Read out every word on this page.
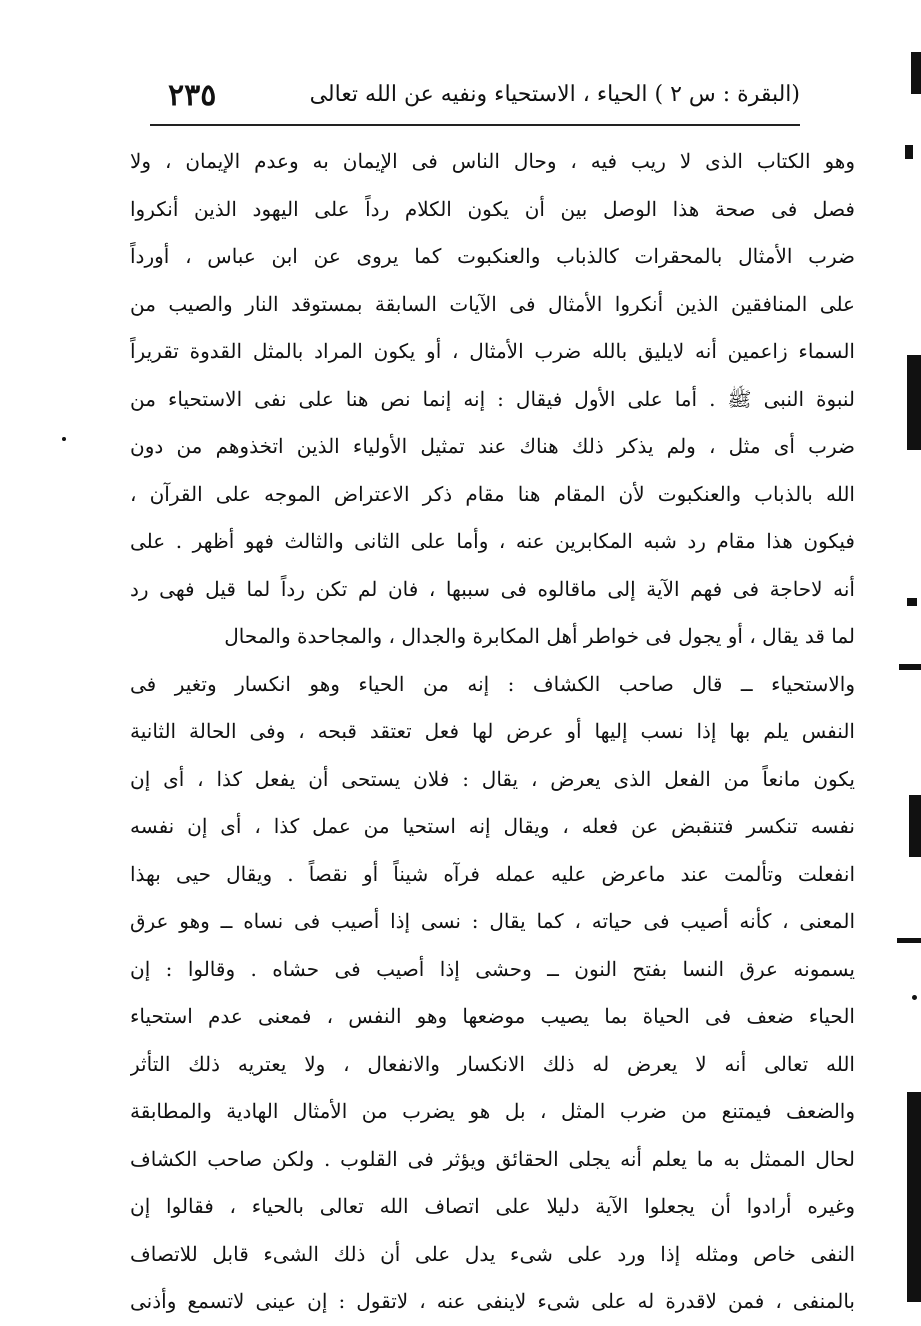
(البقرة : س ٢ ) الحياء ، الاستحياء ونفيه عن الله تعالى
٢٣٥
وهو الكتاب الذى لا ريب فيه ، وحال الناس فى الإيمان به وعدم الإيمان ، ولا
فصل فى صحة هذا الوصل بين أن يكون الكلام رداً على اليهود الذين أنكروا
ضرب الأمثال بالمحقرات كالذباب والعنكبوت كما يروى عن ابن عباس ، أورداً
على المنافقين الذين أنكروا الأمثال فى الآيات السابقة بمستوقد النار والصيب من
السماء زاعمين أنه لايليق بالله ضرب الأمثال ، أو يكون المراد بالمثل القدوة تقريراً
لنبوة النبى ﷺ . أما على الأول فيقال : إنه إنما نص هنا على نفى الاستحياء من
ضرب أى مثل ، ولم يذكر ذلك هناك عند تمثيل الأولياء الذين اتخذوهم من دون
الله بالذباب والعنكبوت لأن المقام هنا مقام ذكر الاعتراض الموجه على القرآن ،
فيكون هذا مقام رد شبه المكابرين عنه ، وأما على الثانى والثالث فهو أظهر . على
أنه لاحاجة فى فهم الآية إلى ماقالوه فى سببها ، فان لم تكن رداً لما قيل فهى رد
لما قد يقال ، أو يجول فى خواطر أهل المكابرة والجدال ، والمجاحدة والمحال
والاستحياء ــ قال صاحب الكشاف : إنه من الحياء وهو انكسار وتغير فى
النفس يلم بها إذا نسب إليها أو عرض لها فعل تعتقد قبحه ، وفى الحالة الثانية
يكون مانعاً من الفعل الذى يعرض ، يقال : فلان يستحى أن يفعل كذا ، أى إن
نفسه تنكسر فتنقبض عن فعله ، ويقال إنه استحيا من عمل كذا ، أى إن نفسه
انفعلت وتألمت عند ماعرض عليه عمله فرآه شيناً أو نقصاً . ويقال حيى بهذا
المعنى ، كأنه أصيب فى حياته ، كما يقال : نسى إذا أصيب فى نساه ــ وهو عرق
يسمونه عرق النسا بفتح النون ــ وحشى إذا أصيب فى حشاه . وقالوا : إن
الحياء ضعف فى الحياة بما يصيب موضعها وهو النفس ، فمعنى عدم استحياء
الله تعالى أنه لا يعرض له ذلك الانكسار والانفعال ، ولا يعتريه ذلك التأثر
والضعف فيمتنع من ضرب المثل ، بل هو يضرب من الأمثال الهادية والمطابقة
لحال الممثل به ما يعلم أنه يجلى الحقائق ويؤثر فى القلوب . ولكن صاحب الكشاف
وغيره أرادوا أن يجعلوا الآية دليلا على اتصاف الله تعالى بالحياء ، فقالوا إن
النفى خاص ومثله إذا ورد على شىء يدل على أن ذلك الشىء قابل للاتصاف
بالمنفى ، فمن لاقدرة له على شىء لاينفى عنه ، لاتقول : إن عينى لاتسمع وأذنى
